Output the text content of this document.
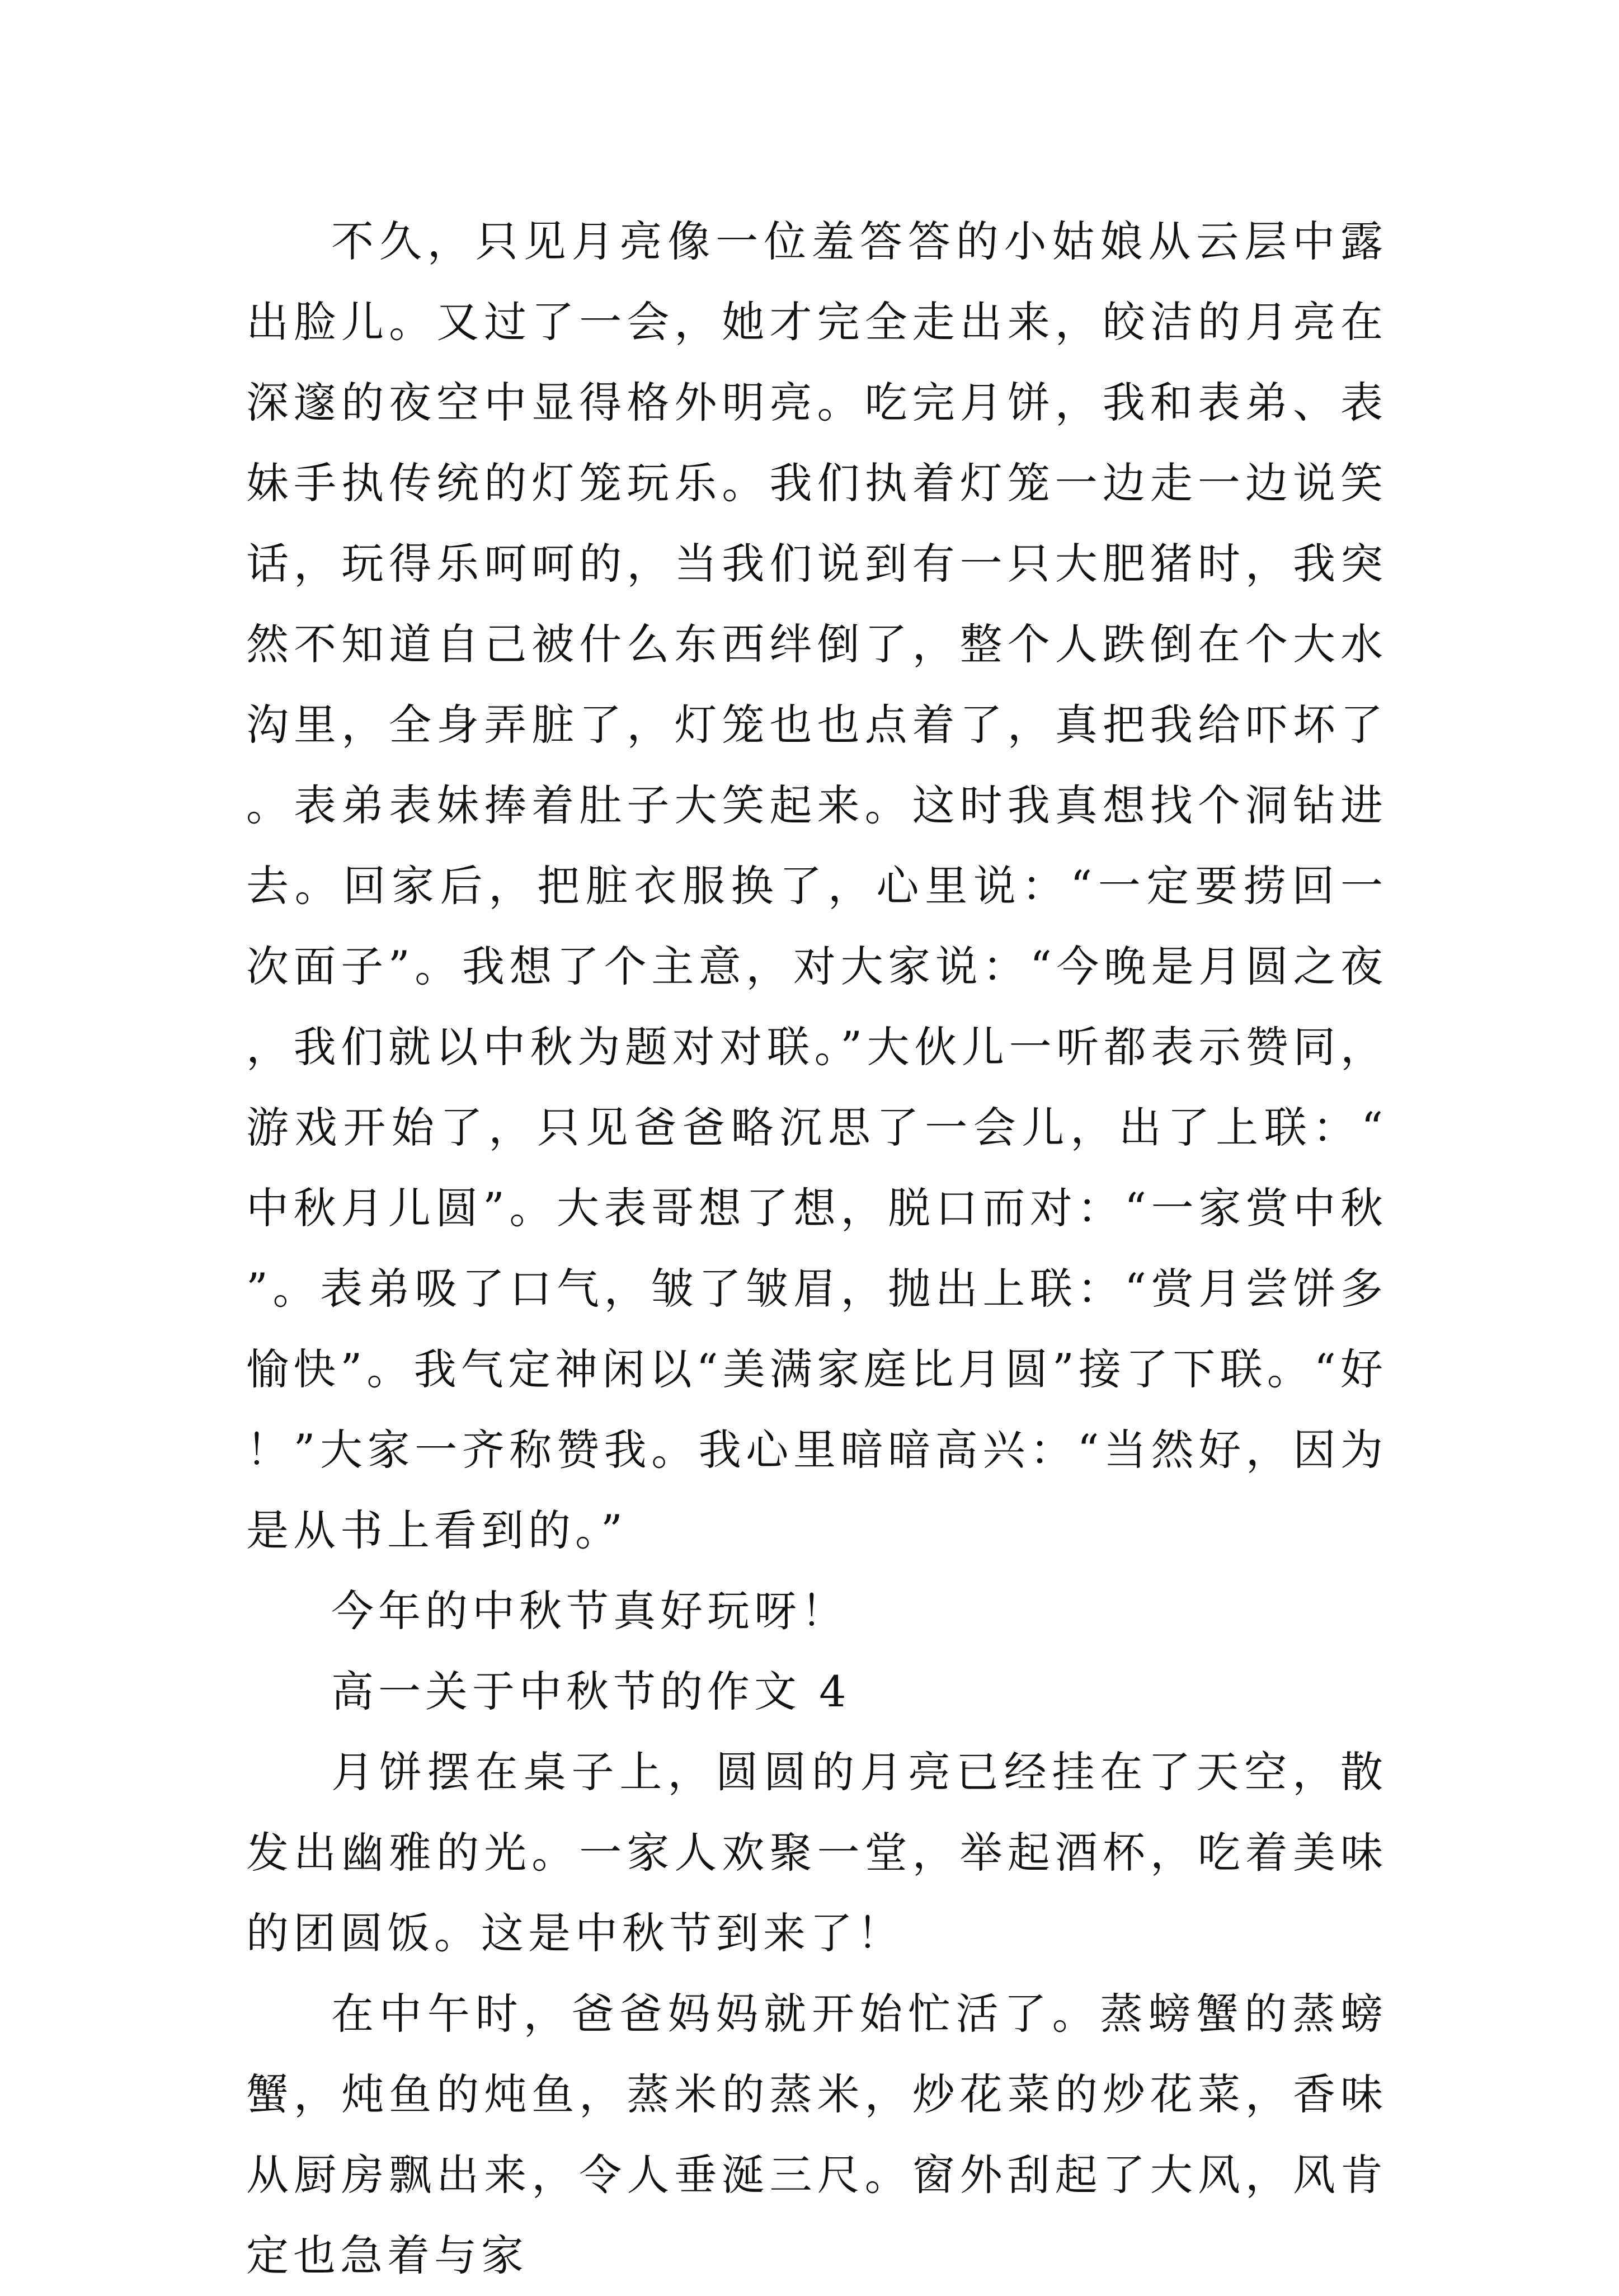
不久，只见月亮像一位羞答答的小姑娘从云层中露出脸儿。又过了一会，她才完全走出来，皎洁的月亮在深邃的夜空中显得格外明亮。吃完月饼，我和表弟、表妹手执传统的灯笼玩乐。我们执着灯笼一边走一边说笑话，玩得乐呵呵的，当我们说到有一只大肥猪时，我突然不知道自己被什么东西绊倒了，整个人跌倒在个大水沟里，全身弄脏了，灯笼也也点着了，真把我给吓坏了。表弟表妹捧着肚子大笑起来。这时我真想找个洞钻进去。回家后，把脏衣服换了，心里说：“一定要捞回一次面子”。我想了个主意，对大家说：“今晚是月圆之夜，我们就以中秋为题对对联。”大伙儿一听都表示赞同，游戏开始了，只见爸爸略沉思了一会儿，出了上联：“中秋月儿圆”。大表哥想了想，脱口而对：“一家赏中秋”。表弟吸了口气，皱了皱眉，抛出上联：“赏月尝饼多愉快”。我气定神闲以“美满家庭比月圆”接了下联。“好！”大家一齐称赞我。我心里暗暗高兴：“当然好，因为是从书上看到的。”

今年的中秋节真好玩呀！

高一关于中秋节的作文 4

月饼摆在桌子上，圆圆的月亮已经挂在了天空，散发出幽雅的光。一家人欢聚一堂，举起酒杯，吃着美味的团圆饭。这是中秋节到来了！

在中午时，爸爸妈妈就开始忙活了。蒸螃蟹的蒸螃蟹，炖鱼的炖鱼，蒸米的蒸米，炒花菜的炒花菜，香味从厨房飘出来，令人垂涎三尺。窗外刮起了大风，风肯定也急着与家
